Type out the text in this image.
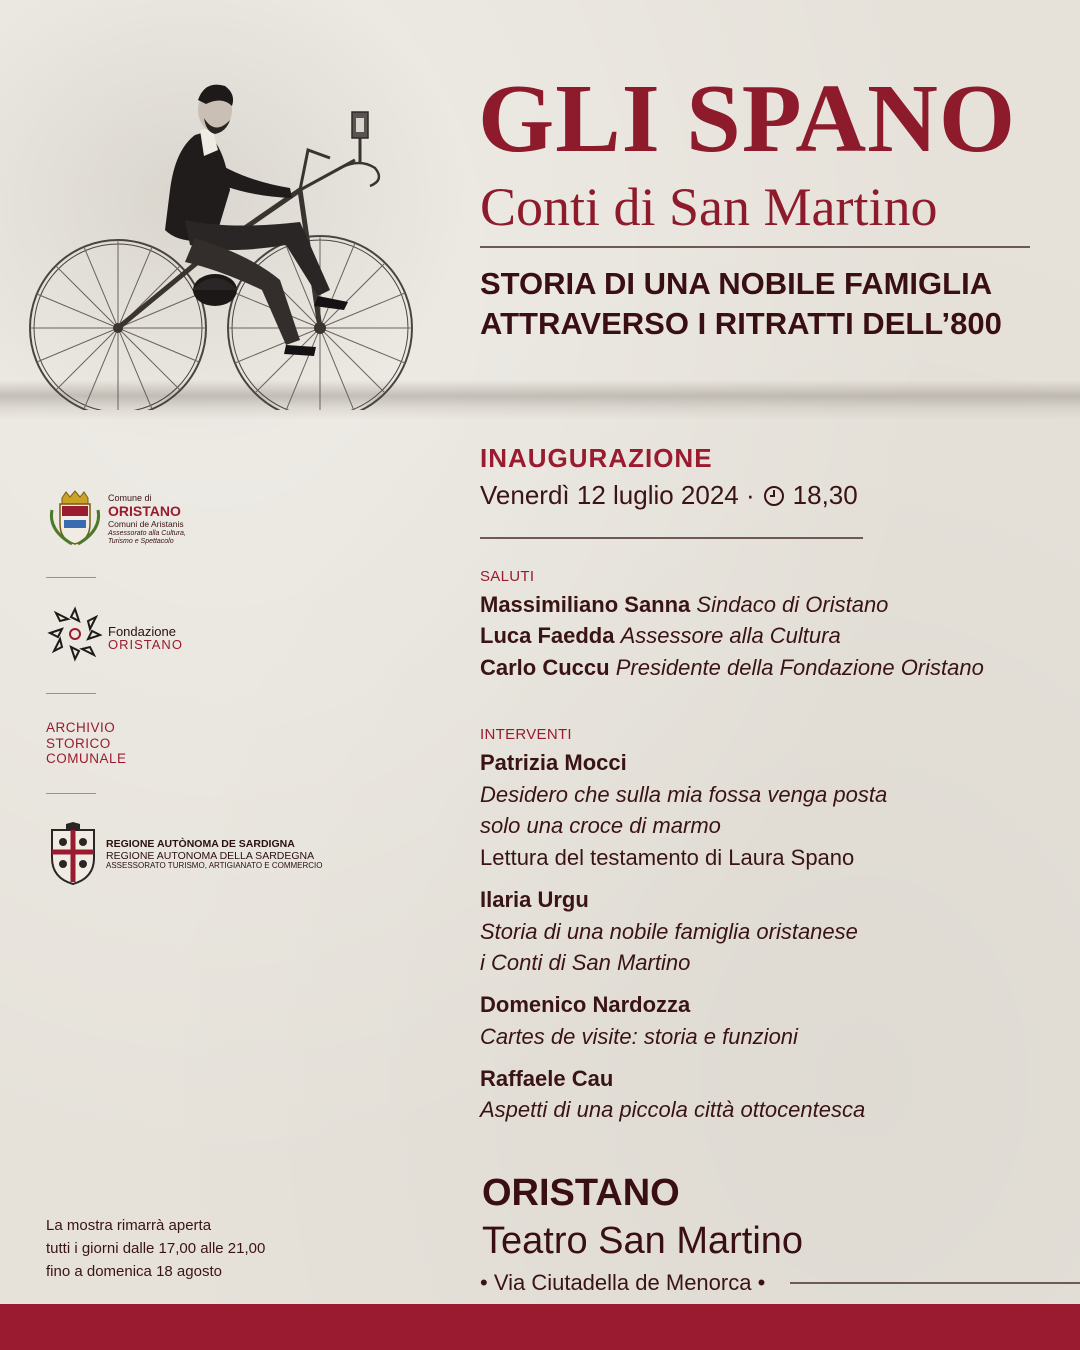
GLI SPANO
Conti di San Martino
STORIA DI UNA NOBILE FAMIGLIA
ATTRAVERSO I RITRATTI DELL’800
INAUGURAZIONE
Venerdì 12 luglio 2024 · 18,30
SALUTI
Massimiliano Sanna Sindaco di Oristano
Luca Faedda Assessore alla Cultura
Carlo Cuccu Presidente della Fondazione Oristano
INTERVENTI
Patrizia Mocci
Desidero che sulla mia fossa venga posta
solo una croce di marmo
Lettura del testamento di Laura Spano
Ilaria Urgu
Storia di una nobile famiglia oristanese
i Conti di San Martino
Domenico Nardozza
Cartes de visite: storia e funzioni
Raffaele Cau
Aspetti di una piccola città ottocentesca
ORISTANO
Teatro San Martino
• Via Ciutadella de Menorca •
Comune di
ORISTANO
Comuni de Aristanis
Assessorato alla Cultura, Turismo e Spettacolo
Fondazione
ORISTANO
ARCHIVIO
STORICO
COMUNALE
REGIONE AUTÒNOMA DE SARDIGNA
REGIONE AUTONOMA DELLA SARDEGNA
ASSESSORATO TURISMO, ARTIGIANATO E COMMERCIO
La mostra rimarrà aperta
tutti i giorni dalle 17,00 alle 21,00
fino a domenica 18 agosto
